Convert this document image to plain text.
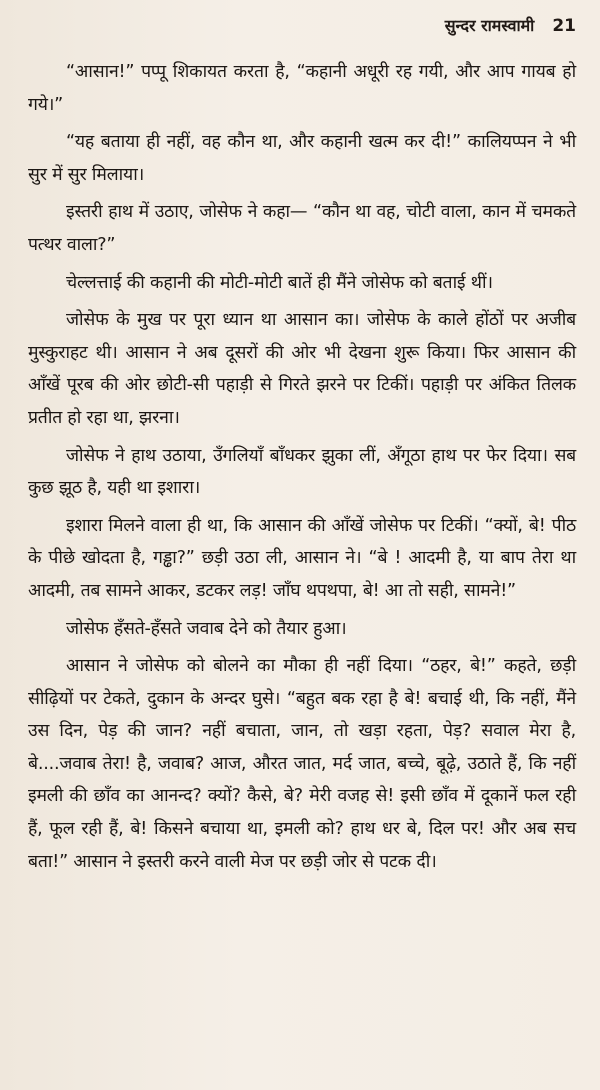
सुन्दर रामस्वामी 21

“आसान!” पप्पू शिकायत करता है, “कहानी अधूरी रह गयी, और आप गायब हो गये।”

“यह बताया ही नहीं, वह कौन था, और कहानी खत्म कर दी!” कालियप्पन ने भी सुर में सुर मिलाया।

इस्तरी हाथ में उठाए, जोसेफ ने कहा— “कौन था वह, चोटी वाला, कान में चमकते पत्थर वाला?”

चेल्लत्ताई की कहानी की मोटी-मोटी बातें ही मैंने जोसेफ को बताई थीं।

जोसेफ के मुख पर पूरा ध्यान था आसान का। जोसेफ के काले होंठों पर अजीब मुस्कुराहट थी। आसान ने अब दूसरों की ओर भी देखना शुरू किया। फिर आसान की आँखें पूरब की ओर छोटी-सी पहाड़ी से गिरते झरने पर टिकीं। पहाड़ी पर अंकित तिलक प्रतीत हो रहा था, झरना।

जोसेफ ने हाथ उठाया, उँगलियाँ बाँधकर झुका लीं, अँगूठा हाथ पर फेर दिया। सब कुछ झूठ है, यही था इशारा।

इशारा मिलने वाला ही था, कि आसान की आँखें जोसेफ पर टिकीं। “क्यों, बे! पीठ के पीछे खोदता है, गड्ढा?” छड़ी उठा ली, आसान ने। “बे ! आदमी है, या बाप तेरा था आदमी, तब सामने आकर, डटकर लड़! जाँघ थपथपा, बे! आ तो सही, सामने!”

जोसेफ हँसते-हँसते जवाब देने को तैयार हुआ।

आसान ने जोसेफ को बोलने का मौका ही नहीं दिया। “ठहर, बे!” कहते, छड़ी सीढ़ियों पर टेकते, दुकान के अन्दर घुसे। “बहुत बक रहा है बे! बचाई थी, कि नहीं, मैंने उस दिन, पेड़ की जान? नहीं बचाता, जान, तो खड़ा रहता, पेड़? सवाल मेरा है, बे....जवाब तेरा! है, जवाब? आज, औरत जात, मर्द जात, बच्चे, बूढ़े, उठाते हैं, कि नहीं इमली की छाँव का आनन्द? क्यों? कैसे, बे? मेरी वजह से! इसी छाँव में दूकानें फल रही हैं, फूल रही हैं, बे! किसने बचाया था, इमली को? हाथ धर बे, दिल पर! और अब सच बता!” आसान ने इस्तरी करने वाली मेज पर छड़ी जोर से पटक दी।
